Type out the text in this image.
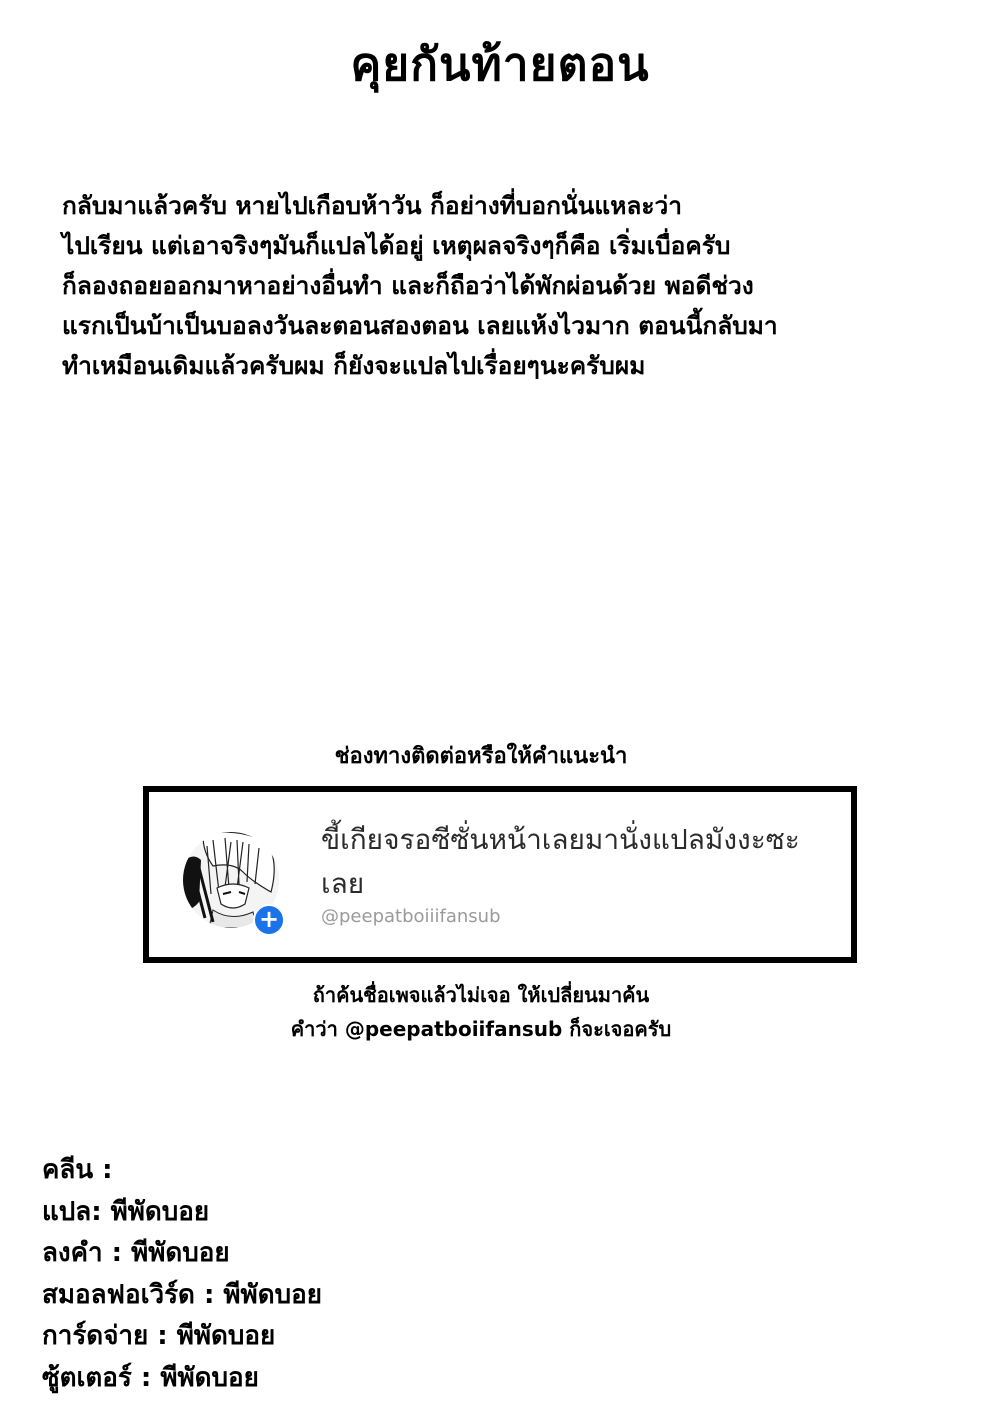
คุยกันท้ายตอน
กลับมาแล้วครับ หายไปเกือบห้าวัน ก็อย่างที่บอกนั่นแหละว่า
ไปเรียน แต่เอาจริงๆมันก็แปลได้อยู่ เหตุผลจริงๆก็คือ เริ่มเบื่อครับ
ก็ลองถอยออกมาหาอย่างอื่นทำ และก็ถือว่าได้พักผ่อนด้วย พอดีช่วง
แรกเป็นบ้าเป็นบอลงวันละตอนสองตอน เลยแห้งไวมาก ตอนนี้กลับมา
ทำเหมือนเดิมแล้วครับผม ก็ยังจะแปลไปเรื่อยๆนะครับผม
ช่องทางติดต่อหรือให้คำแนะนำ
+
ขี้เกียจรอซีซั่นหน้าเลยมานั่งแปลมังงะซะเลย
@peepatboiiifansub
ถ้าค้นชื่อเพจแล้วไม่เจอ ให้เปลี่ยนมาค้น
คำว่า @peepatboiifansub ก็จะเจอครับ
คลีน :
แปล: พีพัดบอย
ลงคำ : พีพัดบอย
สมอลฟอเวิร์ด : พีพัดบอย
การ์ดจ่าย : พีพัดบอย
ซู้ตเตอร์ : พีพัดบอย
